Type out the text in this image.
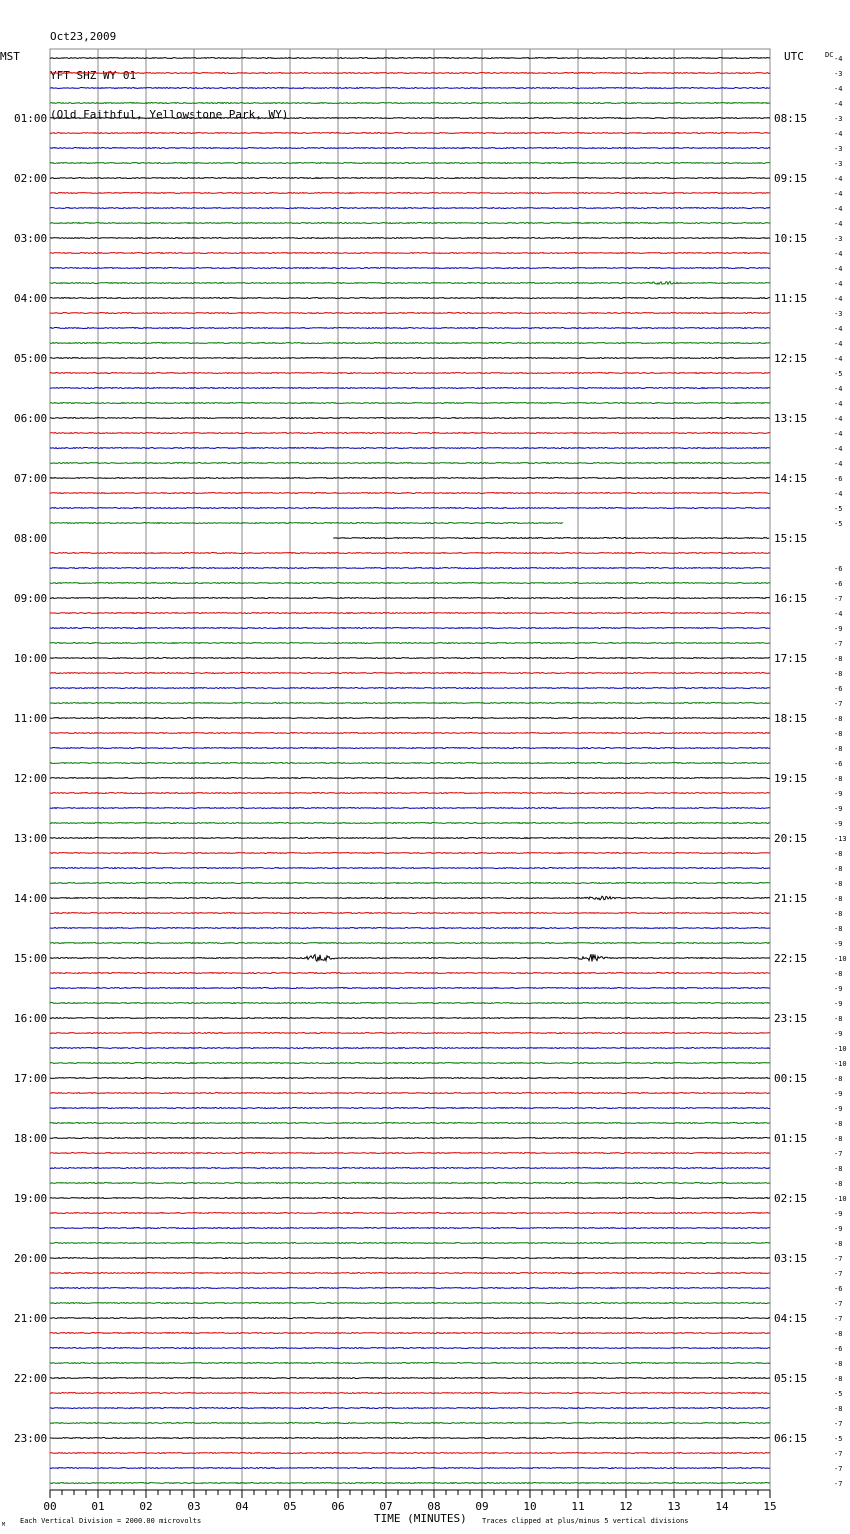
Oct23,2009

YFT SHZ WY 01

(Old Faithful, Yellowstone Park, WY)

01:00
02:00
03:00
04:00
05:00
06:00
07:00
08:00
09:00
10:00
11:00
12:00
13:00
14:00
15:00
16:00
17:00
18:00
19:00
20:00
21:00
22:00
23:00
08:15
09:15
10:15
11:15
12:15
13:15
14:15
15:15
16:15
17:15
18:15
19:15
20:15
21:15
22:15
23:15
00:15
01:15
02:15
03:15
04:15
05:15
06:15
-4
-3
-4
-4
-3
-4
-3
-3
-4
-4
-4
-4
-3
-4
-4
-4
-4
-3
-4
-4
-4
-5
-4
-4
-4
-4
-4
-4
-6
-4
-5
-5
-6
-6
-7
-4
-9
-7
-8
-8
-6
-7
-8
-8
-8
-6
-8
-9
-9
-9
-13
-8
-8
-8
-8
-8
-8
-9
-10
-8
-9
-9
-8
-9
-10
-10
-8
-9
-9
-8
-8
-7
-8
-8
-10
-9
-9
-8
-7
-7
-6
-7
-7
-8
-6
-8
-8
-5
-8
-7
-5
-7
-7
-7
00	01	02	03	04	05	06	07	08	09	10	11	12	13	14	15
MST	UTC	DC
TIME (MINUTES)
Each Vertical Division = 2000.00 microvolts	Traces clipped at plus/minus 5 vertical divisions
M
